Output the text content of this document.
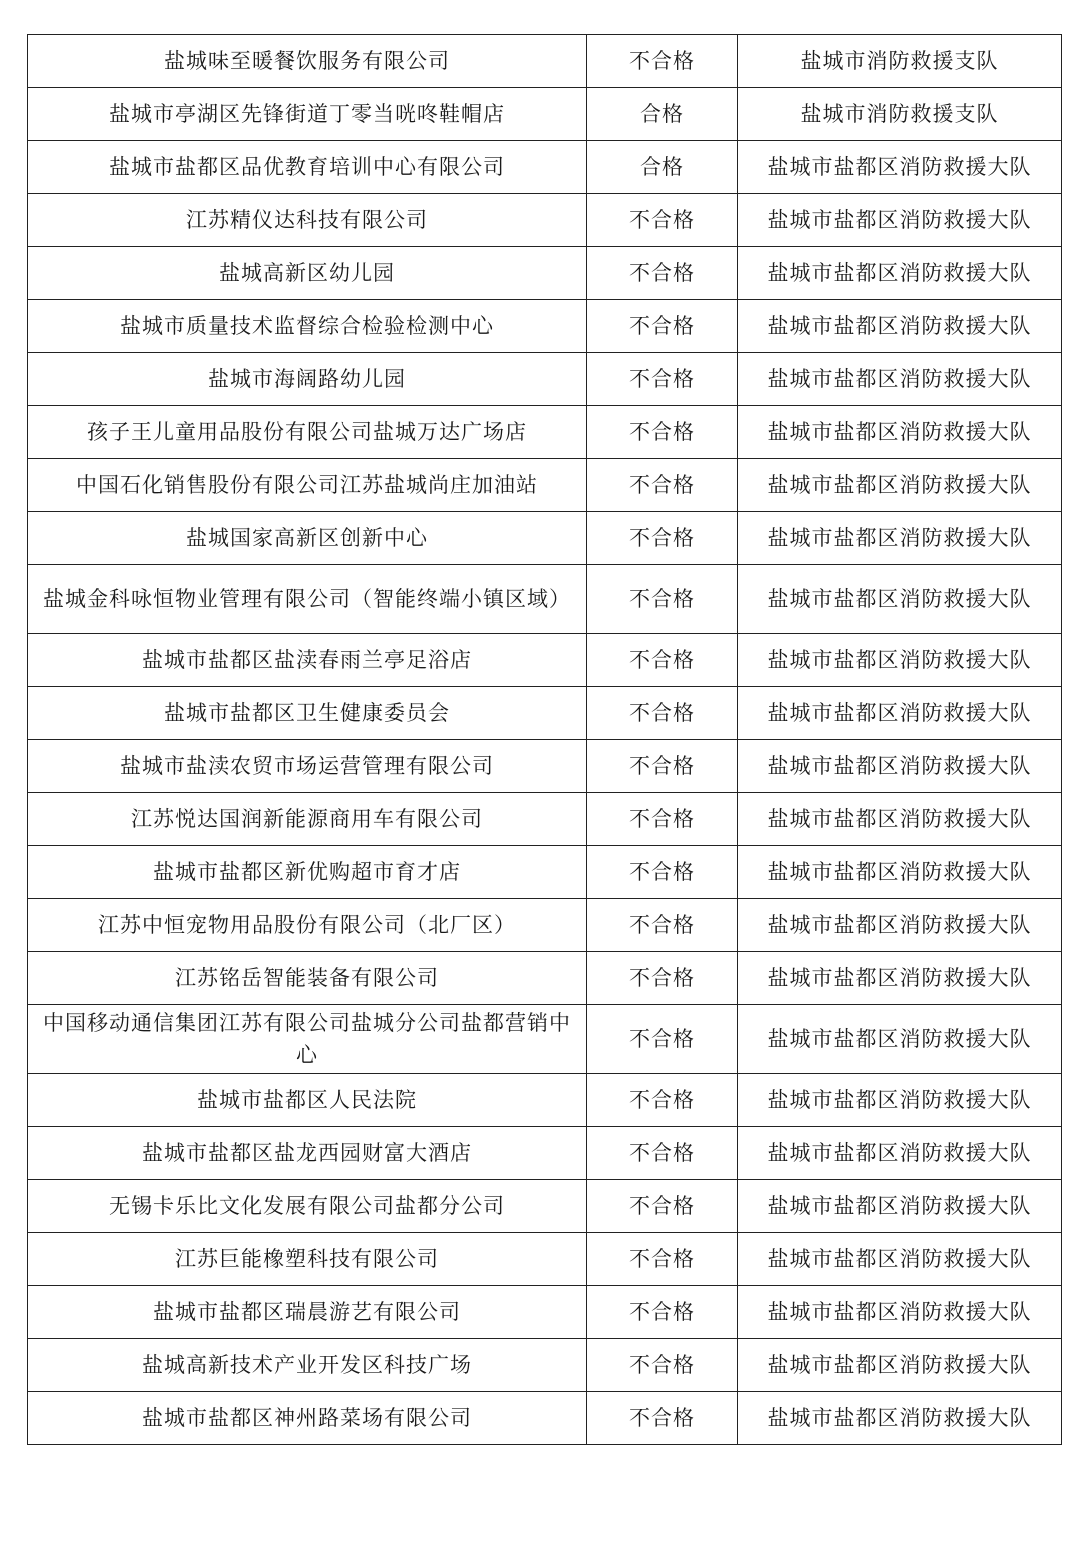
盐城味至暖餐饮服务有限公司	不合格	盐城市消防救援支队
盐城市亭湖区先锋街道丁零当咣咚鞋帽店	合格	盐城市消防救援支队
盐城市盐都区品优教育培训中心有限公司	合格	盐城市盐都区消防救援大队
江苏精仪达科技有限公司	不合格	盐城市盐都区消防救援大队
盐城高新区幼儿园	不合格	盐城市盐都区消防救援大队
盐城市质量技术监督综合检验检测中心	不合格	盐城市盐都区消防救援大队
盐城市海阔路幼儿园	不合格	盐城市盐都区消防救援大队
孩子王儿童用品股份有限公司盐城万达广场店	不合格	盐城市盐都区消防救援大队
中国石化销售股份有限公司江苏盐城尚庄加油站	不合格	盐城市盐都区消防救援大队
盐城国家高新区创新中心	不合格	盐城市盐都区消防救援大队
盐城金科咏恒物业管理有限公司（智能终端小镇区域）	不合格	盐城市盐都区消防救援大队
盐城市盐都区盐渎春雨兰亭足浴店	不合格	盐城市盐都区消防救援大队
盐城市盐都区卫生健康委员会	不合格	盐城市盐都区消防救援大队
盐城市盐渎农贸市场运营管理有限公司	不合格	盐城市盐都区消防救援大队
江苏悦达国润新能源商用车有限公司	不合格	盐城市盐都区消防救援大队
盐城市盐都区新优购超市育才店	不合格	盐城市盐都区消防救援大队
江苏中恒宠物用品股份有限公司（北厂区）	不合格	盐城市盐都区消防救援大队
江苏铭岳智能装备有限公司	不合格	盐城市盐都区消防救援大队
中国移动通信集团江苏有限公司盐城分公司盐都营销中心	不合格	盐城市盐都区消防救援大队
盐城市盐都区人民法院	不合格	盐城市盐都区消防救援大队
盐城市盐都区盐龙西园财富大酒店	不合格	盐城市盐都区消防救援大队
无锡卡乐比文化发展有限公司盐都分公司	不合格	盐城市盐都区消防救援大队
江苏巨能橡塑科技有限公司	不合格	盐城市盐都区消防救援大队
盐城市盐都区瑞晨游艺有限公司	不合格	盐城市盐都区消防救援大队
盐城高新技术产业开发区科技广场	不合格	盐城市盐都区消防救援大队
盐城市盐都区神州路菜场有限公司	不合格	盐城市盐都区消防救援大队
